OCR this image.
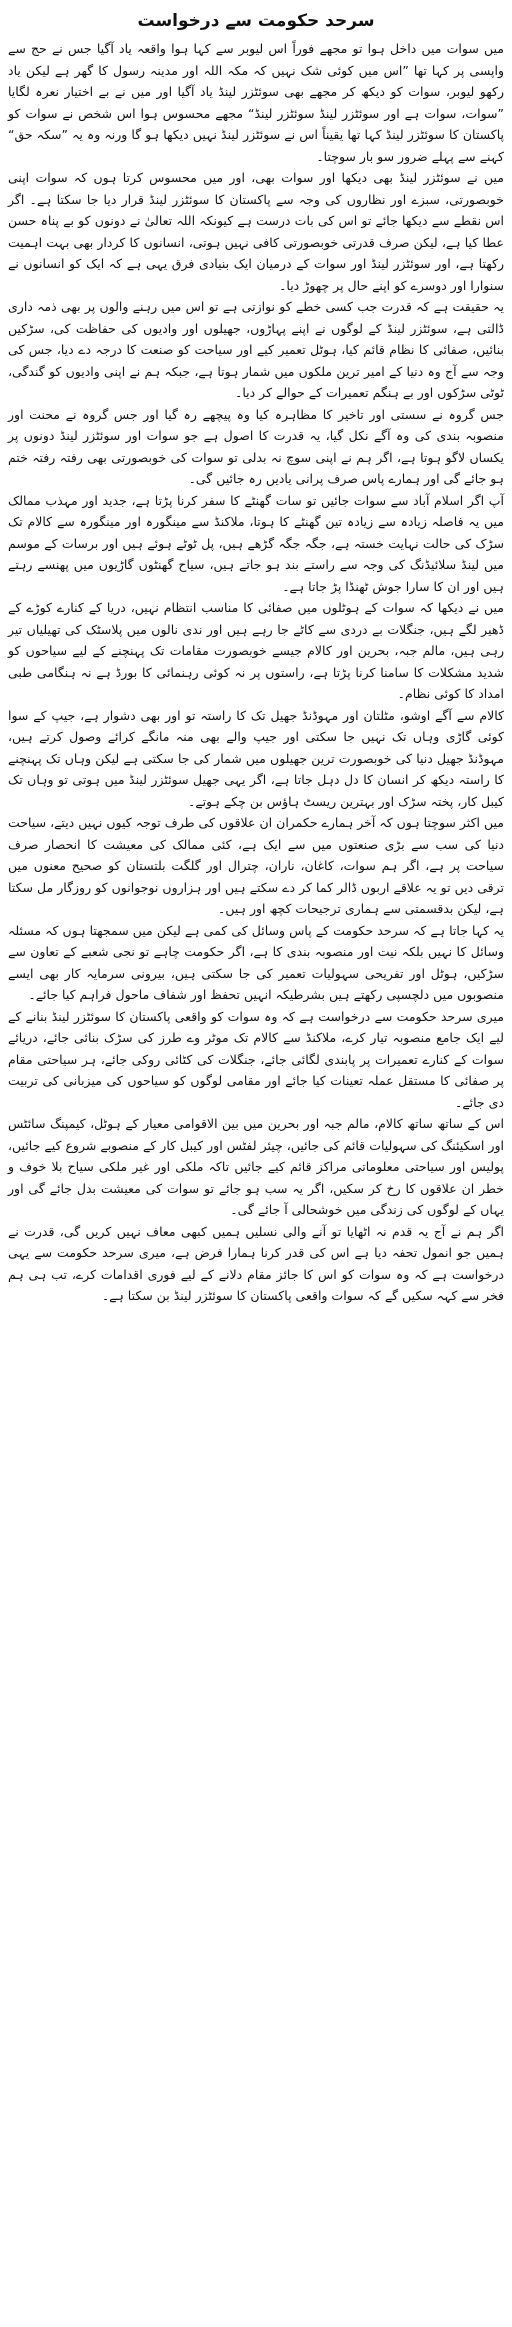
سرحد حکومت سے درخواست

میں سوات میں داخل ہوا تو مجھے فوراً اس لیوبر سے کہا ہوا واقعہ یاد آگیا جس نے حج سے واپسی پر کہا تھا ”اس میں کوئی شک نہیں کہ مکہ اللہ اور مدینہ رسول کا گھر ہے لیکن یاد رکھو لیوبر، سوات کو دیکھ کر مجھے بھی سوئٹزر لینڈ یاد آگیا اور میں نے بے اختیار نعرہ لگایا ”سوات، سوات ہے اور سوئٹزر لینڈ سوئٹزر لینڈ“ مجھے محسوس ہوا اس شخص نے سوات کو پاکستان کا سوئٹزر لینڈ کہا تھا یقیناً اس نے سوئٹزر لینڈ نہیں دیکھا ہو گا ورنہ وہ یہ ”سکہ حق“ کہنے سے پہلے ضرور سو بار سوچتا۔

میں نے سوئٹزر لینڈ بھی دیکھا اور سوات بھی، اور میں محسوس کرتا ہوں کہ سوات اپنی خوبصورتی، سبزے اور نظاروں کی وجہ سے پاکستان کا سوئٹزر لینڈ قرار دیا جا سکتا ہے۔ اگر اس نقطے سے دیکھا جائے تو اس کی بات درست ہے کیونکہ اللہ تعالیٰ نے دونوں کو بے پناہ حسن عطا کیا ہے، لیکن صرف قدرتی خوبصورتی کافی نہیں ہوتی، انسانوں کا کردار بھی بہت اہمیت رکھتا ہے، اور سوئٹزر لینڈ اور سوات کے درمیان ایک بنیادی فرق یہی ہے کہ ایک کو انسانوں نے سنوارا اور دوسرے کو اپنے حال پر چھوڑ دیا۔

یہ حقیقت ہے کہ قدرت جب کسی خطے کو نوازتی ہے تو اس میں رہنے والوں پر بھی ذمہ داری ڈالتی ہے، سوئٹزر لینڈ کے لوگوں نے اپنے پہاڑوں، جھیلوں اور وادیوں کی حفاظت کی، سڑکیں بنائیں، صفائی کا نظام قائم کیا، ہوٹل تعمیر کیے اور سیاحت کو صنعت کا درجہ دے دیا، جس کی وجہ سے آج وہ دنیا کے امیر ترین ملکوں میں شمار ہوتا ہے، جبکہ ہم نے اپنی وادیوں کو گندگی، ٹوٹی سڑکوں اور بے ہنگم تعمیرات کے حوالے کر دیا۔

جس گروہ نے سستی اور تاخیر کا مظاہرہ کیا وہ پیچھے رہ گیا اور جس گروہ نے محنت اور منصوبہ بندی کی وہ آگے نکل گیا، یہ قدرت کا اصول ہے جو سوات اور سوئٹزر لینڈ دونوں پر یکساں لاگو ہوتا ہے، اگر ہم نے اپنی سوچ نہ بدلی تو سوات کی خوبصورتی بھی رفتہ رفتہ ختم ہو جائے گی اور ہمارے پاس صرف پرانی یادیں رہ جائیں گی۔

آپ اگر اسلام آباد سے سوات جائیں تو سات گھنٹے کا سفر کرنا پڑتا ہے، جدید اور مہذب ممالک میں یہ فاصلہ زیادہ سے زیادہ تین گھنٹے کا ہوتا، ملاکنڈ سے مینگورہ اور مینگورہ سے کالام تک سڑک کی حالت نہایت خستہ ہے، جگہ جگہ گڑھے ہیں، پل ٹوٹے ہوئے ہیں اور برسات کے موسم میں لینڈ سلائیڈنگ کی وجہ سے راستے بند ہو جاتے ہیں، سیاح گھنٹوں گاڑیوں میں پھنسے رہتے ہیں اور ان کا سارا جوش ٹھنڈا پڑ جاتا ہے۔

میں نے دیکھا کہ سوات کے ہوٹلوں میں صفائی کا مناسب انتظام نہیں، دریا کے کنارے کوڑے کے ڈھیر لگے ہیں، جنگلات بے دردی سے کاٹے جا رہے ہیں اور ندی نالوں میں پلاسٹک کی تھیلیاں تیر رہی ہیں، مالم جبہ، بحرین اور کالام جیسے خوبصورت مقامات تک پہنچنے کے لیے سیاحوں کو شدید مشکلات کا سامنا کرنا پڑتا ہے، راستوں پر نہ کوئی رہنمائی کا بورڈ ہے نہ ہنگامی طبی امداد کا کوئی نظام۔

کالام سے آگے اوشو، مٹلتان اور مہوڈنڈ جھیل تک کا راستہ تو اور بھی دشوار ہے، جیپ کے سوا کوئی گاڑی وہاں تک نہیں جا سکتی اور جیپ والے بھی منہ مانگے کرائے وصول کرتے ہیں، مہوڈنڈ جھیل دنیا کی خوبصورت ترین جھیلوں میں شمار کی جا سکتی ہے لیکن وہاں تک پہنچنے کا راستہ دیکھ کر انسان کا دل دہل جاتا ہے، اگر یہی جھیل سوئٹزر لینڈ میں ہوتی تو وہاں تک کیبل کار، پختہ سڑک اور بہترین ریسٹ ہاؤس بن چکے ہوتے۔

میں اکثر سوچتا ہوں کہ آخر ہمارے حکمران ان علاقوں کی طرف توجہ کیوں نہیں دیتے، سیاحت دنیا کی سب سے بڑی صنعتوں میں سے ایک ہے، کئی ممالک کی معیشت کا انحصار صرف سیاحت پر ہے، اگر ہم سوات، کاغان، ناران، چترال اور گلگت بلتستان کو صحیح معنوں میں ترقی دیں تو یہ علاقے اربوں ڈالر کما کر دے سکتے ہیں اور ہزاروں نوجوانوں کو روزگار مل سکتا ہے، لیکن بدقسمتی سے ہماری ترجیحات کچھ اور ہیں۔

یہ کہا جاتا ہے کہ سرحد حکومت کے پاس وسائل کی کمی ہے لیکن میں سمجھتا ہوں کہ مسئلہ وسائل کا نہیں بلکہ نیت اور منصوبہ بندی کا ہے، اگر حکومت چاہے تو نجی شعبے کے تعاون سے سڑکیں، ہوٹل اور تفریحی سہولیات تعمیر کی جا سکتی ہیں، بیرونی سرمایہ کار بھی ایسے منصوبوں میں دلچسپی رکھتے ہیں بشرطیکہ انہیں تحفظ اور شفاف ماحول فراہم کیا جائے۔

میری سرحد حکومت سے درخواست ہے کہ وہ سوات کو واقعی پاکستان کا سوئٹزر لینڈ بنانے کے لیے ایک جامع منصوبہ تیار کرے، ملاکنڈ سے کالام تک موٹر وے طرز کی سڑک بنائی جائے، دریائے سوات کے کنارے تعمیرات پر پابندی لگائی جائے، جنگلات کی کٹائی روکی جائے، ہر سیاحتی مقام پر صفائی کا مستقل عملہ تعینات کیا جائے اور مقامی لوگوں کو سیاحوں کی میزبانی کی تربیت دی جائے۔

اس کے ساتھ ساتھ کالام، مالم جبہ اور بحرین میں بین الاقوامی معیار کے ہوٹل، کیمپنگ سائٹس اور اسکیئنگ کی سہولیات قائم کی جائیں، چیئر لفٹس اور کیبل کار کے منصوبے شروع کیے جائیں، پولیس اور سیاحتی معلوماتی مراکز قائم کیے جائیں تاکہ ملکی اور غیر ملکی سیاح بلا خوف و خطر ان علاقوں کا رخ کر سکیں، اگر یہ سب ہو جائے تو سوات کی معیشت بدل جائے گی اور یہاں کے لوگوں کی زندگی میں خوشحالی آ جائے گی۔

اگر ہم نے آج یہ قدم نہ اٹھایا تو آنے والی نسلیں ہمیں کبھی معاف نہیں کریں گی، قدرت نے ہمیں جو انمول تحفہ دیا ہے اس کی قدر کرنا ہمارا فرض ہے، میری سرحد حکومت سے یہی درخواست ہے کہ وہ سوات کو اس کا جائز مقام دلانے کے لیے فوری اقدامات کرے، تب ہی ہم فخر سے کہہ سکیں گے کہ سوات واقعی پاکستان کا سوئٹزر لینڈ بن سکتا ہے۔
